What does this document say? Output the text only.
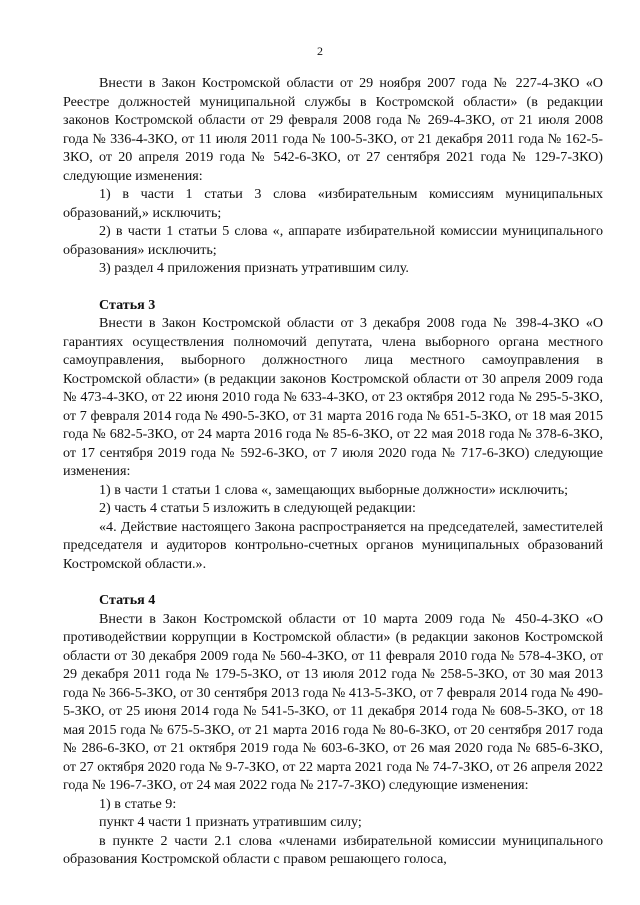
2

Внести в Закон Костромской области от 29 ноября 2007 года № 227-4-ЗКО «О Реестре должностей муниципальной службы в Костромской области» (в редакции законов Костромской области от 29 февраля 2008 года № 269-4-ЗКО, от 21 июля 2008 года № 336-4-ЗКО, от 11 июля 2011 года № 100-5-ЗКО, от 21 декабря 2011 года № 162-5-ЗКО, от 20 апреля 2019 года № 542-6-ЗКО, от 27 сентября 2021 года № 129-7-ЗКО) следующие изменения:

1) в части 1 статьи 3 слова «избирательным комиссиям муниципальных образований,» исключить;

2) в части 1 статьи 5 слова «, аппарате избирательной комиссии муниципального образования» исключить;

3) раздел 4 приложения признать утратившим силу.

Статья 3

Внести в Закон Костромской области от 3 декабря 2008 года № 398-4-ЗКО «О гарантиях осуществления полномочий депутата, члена выборного органа местного самоуправления, выборного должностного лица местного самоуправления в Костромской области» (в редакции законов Костромской области от 30 апреля 2009 года № 473-4-ЗКО, от 22 июня 2010 года № 633-4-ЗКО, от 23 октября 2012 года № 295-5-ЗКО, от 7 февраля 2014 года № 490-5-ЗКО, от 31 марта 2016 года № 651-5-ЗКО, от 18 мая 2015 года № 682-5-ЗКО, от 24 марта 2016 года № 85-6-ЗКО, от 22 мая 2018 года № 378-6-ЗКО, от 17 сентября 2019 года № 592-6-ЗКО, от 7 июля 2020 года № 717-6-ЗКО) следующие изменения:

1) в части 1 статьи 1 слова «, замещающих выборные должности» исключить;

2) часть 4 статьи 5 изложить в следующей редакции:

«4. Действие настоящего Закона распространяется на председателей, заместителей председателя и аудиторов контрольно-счетных органов муниципальных образований Костромской области.».

Статья 4

Внести в Закон Костромской области от 10 марта 2009 года № 450-4-ЗКО «О противодействии коррупции в Костромской области» (в редакции законов Костромской области от 30 декабря 2009 года № 560-4-ЗКО, от 11 февраля 2010 года № 578-4-ЗКО, от 29 декабря 2011 года № 179-5-ЗКО, от 13 июля 2012 года № 258-5-ЗКО, от 30 мая 2013 года № 366-5-ЗКО, от 30 сентября 2013 года № 413-5-ЗКО, от 7 февраля 2014 года № 490-5-ЗКО, от 25 июня 2014 года № 541-5-ЗКО, от 11 декабря 2014 года № 608-5-ЗКО, от 18 мая 2015 года № 675-5-ЗКО, от 21 марта 2016 года № 80-6-ЗКО, от 20 сентября 2017 года № 286-6-ЗКО, от 21 октября 2019 года № 603-6-ЗКО, от 26 мая 2020 года № 685-6-ЗКО, от 27 октября 2020 года № 9-7-ЗКО, от 22 марта 2021 года № 74-7-ЗКО, от 26 апреля 2022 года № 196-7-ЗКО, от 24 мая 2022 года № 217-7-ЗКО) следующие изменения:

1) в статье 9:

пункт 4 части 1 признать утратившим силу;

в пункте 2 части 2.1 слова «членами избирательной комиссии муниципального образования Костромской области с правом решающего голоса,
